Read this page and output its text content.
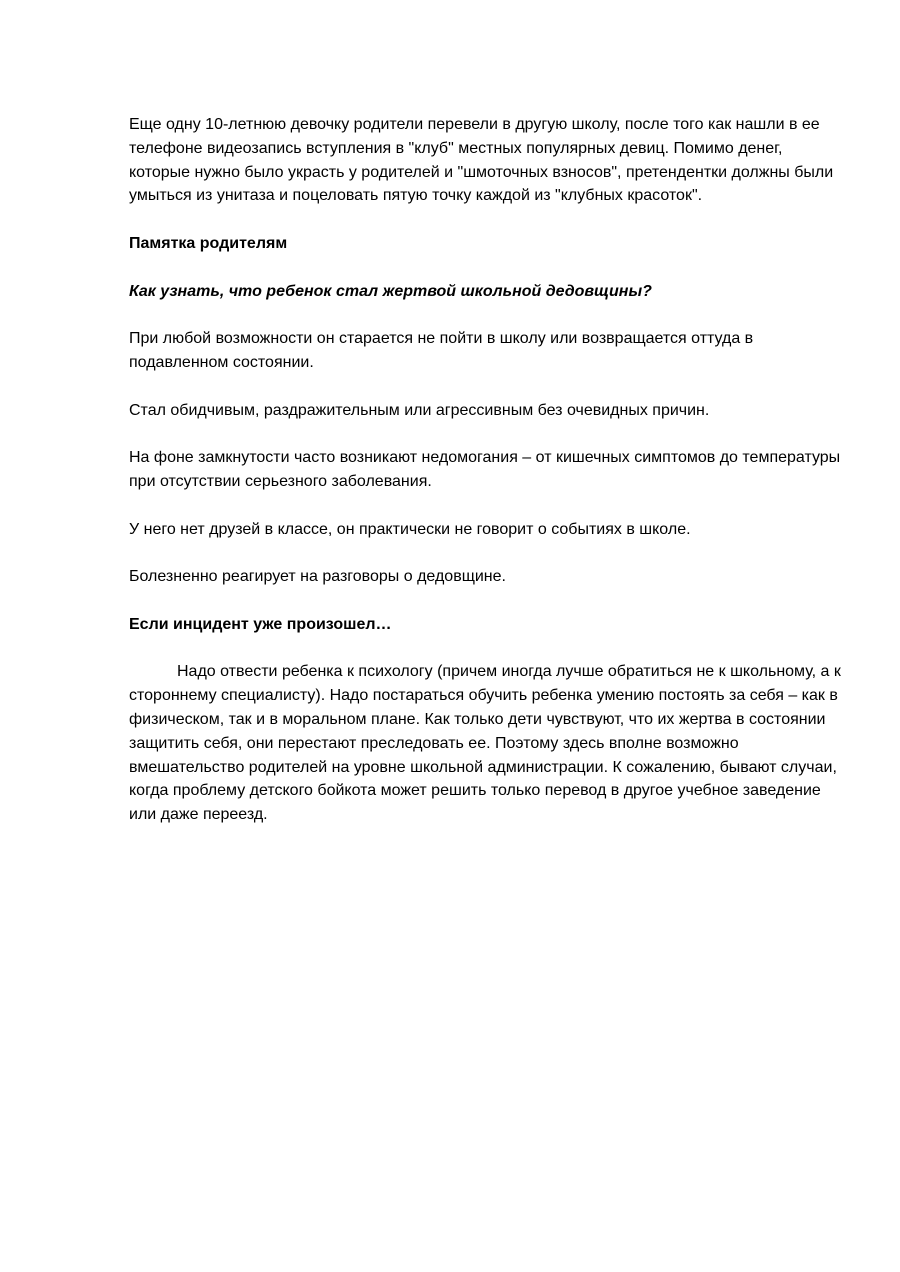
Еще одну 10-летнюю девочку родители перевели в другую школу, после того как нашли в ее телефоне видеозапись вступления в "клуб" местных популярных девиц. Помимо денег, которые нужно было украсть у родителей и "шмоточных взносов", претендентки должны были умыться из унитаза и поцеловать пятую точку каждой из "клубных красоток".

Памятка родителям

Как узнать, что ребенок стал жертвой школьной дедовщины?

При любой возможности он старается не пойти в школу или возвращается оттуда в подавленном состоянии.

Стал обидчивым, раздражительным или агрессивным без очевидных причин.

На фоне замкнутости часто возникают недомогания – от кишечных симптомов до температуры при отсутствии серьезного заболевания.

У него нет друзей в классе, он практически не говорит о событиях в школе.

Болезненно реагирует на разговоры о дедовщине.

Если инцидент уже произошел…

Надо отвести ребенка к психологу (причем иногда лучше обратиться не к школьному, а к стороннему специалисту). Надо постараться обучить ребенка умению постоять за себя – как в физическом, так и в моральном плане. Как только дети чувствуют, что их жертва в состоянии защитить себя, они перестают преследовать ее. Поэтому здесь вполне возможно вмешательство родителей на уровне школьной администрации. К сожалению, бывают случаи, когда проблему детского бойкота может решить только перевод в другое учебное заведение или даже переезд.
